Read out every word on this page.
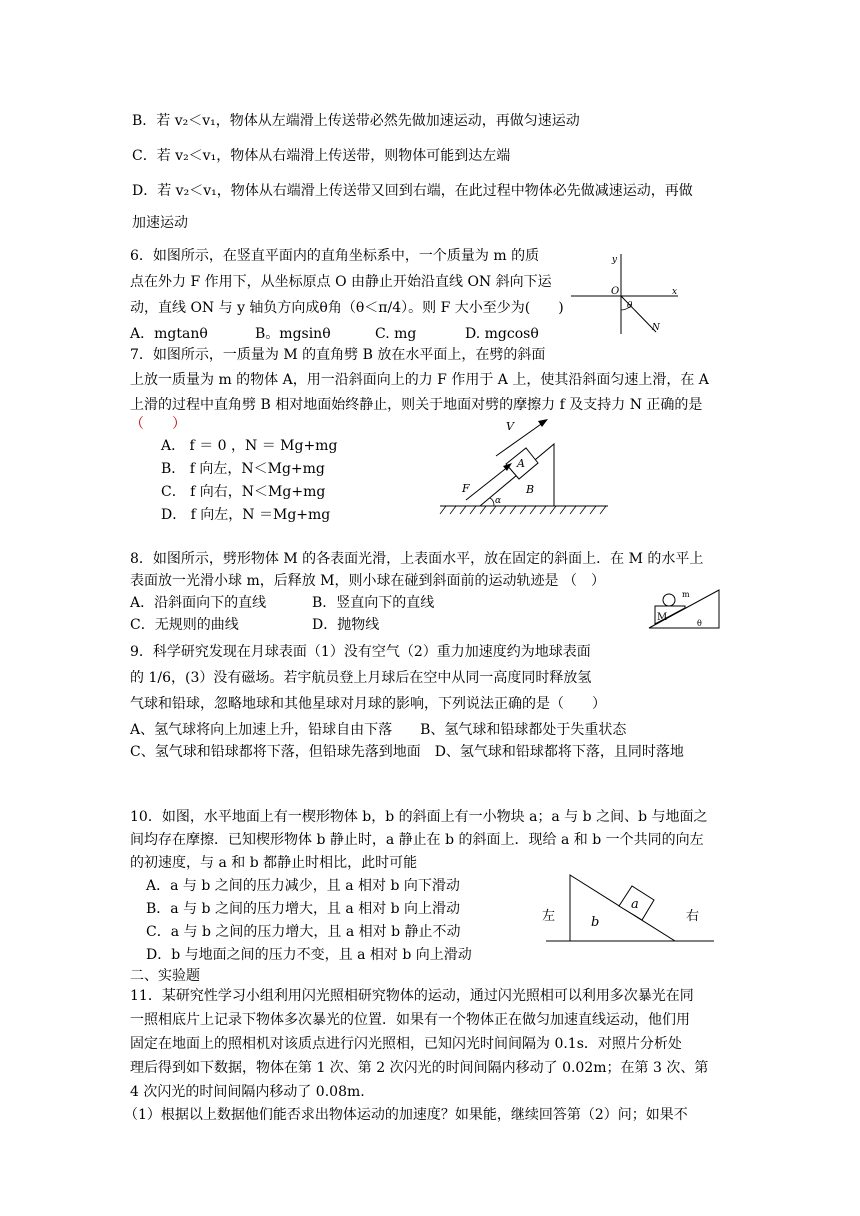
B．若 v₂＜v₁，物体从左端滑上传送带必然先做加速运动，再做匀速运动
C．若 v₂＜v₁，物体从右端滑上传送带，则物体可能到达左端
D．若 v₂＜v₁，物体从右端滑上传送带又回到右端，在此过程中物体必先做减速运动，再做
加速运动
6．如图所示，在竖直平面内的直角坐标系中，一个质量为 m 的质
点在外力 F 作用下，从坐标原点 O 由静止开始沿直线 ON 斜向下运
动，直线 ON 与 y 轴负方向成θ角（θ＜π/4）。则 F 大小至少为(　　)
A．mgtanθ	B。mgsinθ	C. mg	D. mgcosθ
y
x
O
θ
N
7．如图所示，一质量为 M 的直角劈 B 放在水平面上，在劈的斜面
上放一质量为 m 的物体 A，用一沿斜面向上的力 F 作用于 A 上，使其沿斜面匀速上滑，在 A
上滑的过程中直角劈 B 相对地面始终静止，则关于地面对劈的摩擦力 f 及支持力 N 正确的是
（　　）
A． f ＝ 0 ，N ＝ Mg+mg
B． f 向左，N＜Mg+mg
C． f 向右，N＜Mg+mg
D． f 向左，N ＝Mg+mg
V
A
B
F
α
8．如图所示，劈形物体 M 的各表面光滑，上表面水平，放在固定的斜面上．在 M 的水平上
表面放一光滑小球 m，后释放 M，则小球在碰到斜面前的运动轨迹是 （　）
A．沿斜面向下的直线	B．竖直向下的直线
C．无规则的曲线	D．抛物线
m
M
θ
9．科学研究发现在月球表面（1）没有空气（2）重力加速度约为地球表面
的 1/6，(3）没有磁场。若宇航员登上月球后在空中从同一高度同时释放氢
气球和铅球，忽略地球和其他星球对月球的影响，下列说法正确的是（　　）
A、氢气球将向上加速上升，铅球自由下落　　B、氢气球和铅球都处于失重状态
C、氢气球和铅球都将下落，但铅球先落到地面　D、氢气球和铅球都将下落，且同时落地
10．如图，水平地面上有一楔形物体 b，b 的斜面上有一小物块 a；a 与 b 之间、b 与地面之
间均存在摩擦．已知楔形物体 b 静止时，a 静止在 b 的斜面上．现给 a 和 b 一个共同的向左
的初速度，与 a 和 b 都静止时相比，此时可能
A．a 与 b 之间的压力减少，且 a 相对 b 向下滑动
B．a 与 b 之间的压力增大，且 a 相对 b 向上滑动
C．a 与 b 之间的压力增大，且 a 相对 b 静止不动
D．b 与地面之间的压力不变，且 a 相对 b 向上滑动
左	右
a
b
二、实验题
11．某研究性学习小组利用闪光照相研究物体的运动，通过闪光照相可以利用多次暴光在同
一照相底片上记录下物体多次暴光的位置．如果有一个物体正在做匀加速直线运动，他们用
固定在地面上的照相机对该质点进行闪光照相，已知闪光时间间隔为 0.1s．对照片分析处
理后得到如下数据，物体在第 1 次、第 2 次闪光的时间间隔内移动了 0.02m；在第 3 次、第
4 次闪光的时间间隔内移动了 0.08m.
（1）根据以上数据他们能否求出物体运动的加速度？如果能，继续回答第（2）问；如果不
